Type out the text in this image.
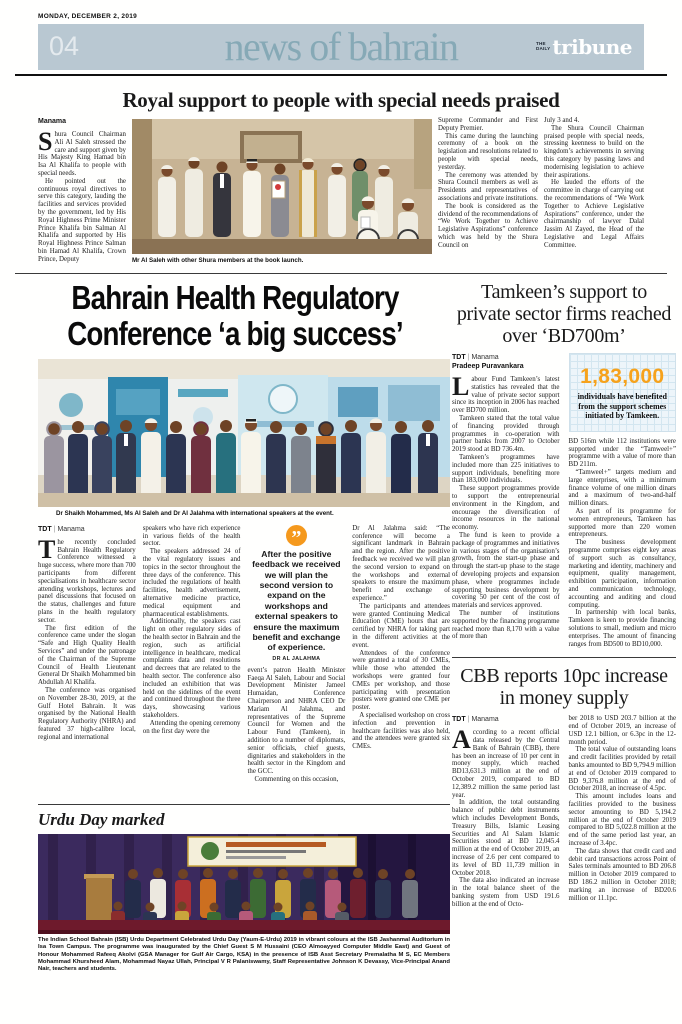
MONDAY, DECEMBER 2, 2019
04	news of bahrain	THE
DAILY tribune
Royal support to people with special needs praised
Manama
S hura Council Chairman Ali Al Saleh stressed the care and support given by His Majesty King Hamad bin Isa Al Khalifa to people with special needs.

He pointed out the continuous royal directives to serve this category, lauding the facilities and services provided by the government, led by His Royal Highness Prime Minister Prince Khalifa bin Salman Al Khalifa and supported by His Royal Highness Prince Salman bin Hamad Al Khalifa, Crown Prince, Deputy	Mr Al Saleh with other Shura members at the book launch.

Supreme Commander and First Deputy Premier.

This came during the launching ceremony of a book on the legislation and resolutions related to people with special needs, yesterday.

The ceremony was attended by Shura Council members as well as Presidents and representatives of associations and private institutions.

The book is considered as the dividend of the recommendations of “We Work Together to Achieve Legislative Aspirations” conference which was held by the Shura Council on

July 3 and 4.

The Shura Council Chairman praised people with special needs, stressing keenness to build on the kingdom’s achievements in serving this category by passing laws and modernising legislation to achieve their aspirations.

He lauded the efforts of the committee in charge of carrying out the recommendations of “We Work Together to Achieve Legislative Aspirations” conference, under the chairmanship of lawyer Dalal Jassim Al Zayed, the Head of the Legislative and Legal Affairs Committee.

Bahrain Health Regulatory
Conference ‘a big success’
Dr Shaikh Mohammed, Ms Al Saleh and Dr Al Jalahma with international speakers at the event.
TDT | Manama
T he recently concluded Bahrain Health Regulatory Conference witnessed a huge success, where more than 700 participants from different specialisations in healthcare sector attending workshops, lectures and panel discussions that focused on the status, challenges and future plans in the health regulatory sector.

The first edition of the conference came under the slogan “Safe and High Quality Health Services” and under the patronage of the Chairman of the Supreme Council of Health Lieutenant General Dr Shaikh Mohammed bin Abdullah Al Khalifa.

The conference was organised on November 28-30, 2019, at the Gulf Hotel Bahrain. It was organised by the National Health Regulatory Authority (NHRA) and featured 37 high-calibre local, regional and international

speakers who have rich experience in various fields of the health sector.

The speakers addressed 24 of the vital regulatory issues and topics in the sector throughout the three days of the conference. This included the regulations of health facilities, health advertisement, alternative medicine practice, medical equipment and pharmaceutical establishments.

Additionally, the speakers cast light on other regulatory sides of the health sector in Bahrain and the region, such as artificial intelligence in healthcare, medical complaints data and resolutions and decrees that are related to the health sector. The conference also included an exhibition that was held on the sidelines of the event and continued throughout the three days, showcasing various stakeholders.

Attending the opening ceremony on the first day were the

”
After the positive feedback we received we will plan the second version to expand on the workshops and external speakers to ensure the maximum benefit and exchange of experience.
DR AL JALAHMA

event’s patron Health Minister Faeqa Al Saleh, Labour and Social Development Minister Jameel Humaidan, Conference Chairperson and NHRA CEO Dr Mariam Al Jalahma, and representatives of the Supreme Council for Women and the Labour Fund (Tamkeen), in addition to a number of diplomats, senior officials, chief guests, dignitaries and stakeholders in the health sector in the Kingdom and the GCC.

Commenting on this occasion,

Dr Al Jalahma said: “The conference will become a significant landmark in Bahrain and the region. After the positive feedback we received we will plan the second version to expand on the workshops and external speakers to ensure the maximum benefit and exchange of experience.”

The participants and attendees were granted Continuing Medical Education (CME) hours that are certified by NHRA for taking part in the different activities at the event.

Attendees of the conference were granted a total of 30 CMEs, while those who attended the workshops were granted four CMEs per workshop, and those participating with presentation posters were granted one CME per poster.

A specialised workshop on cross infection and prevention in healthcare facilities was also held, and the attendees were granted six CMEs.

Urdu Day marked
The Indian School Bahrain (ISB) Urdu Department Celebrated Urdu Day (Yaum-E-Urdu) 2019 in vibrant colours at the ISB Jashanmal Auditorium in Isa Town Campus. The programme was inaugurated by the Chief Guest S M Hussaini (CEO Almoayyed Computer Middle East) and Guest of Honour Mohammed Rafeeq Akolvi (GSA Manager for Gulf Air Cargo, KSA) in the presence of ISB Asst Secretary Premalatha M S, EC Members Mohammad Khursheed Alam, Mohammad Nayaz Ullah, Principal V R Palaniswamy, Staff Representative Johnson K Devassy, Vice-Principal Anand Nair, teachers and students.
Tamkeen’s support to private sector firms reached over ‘BD700m’
TDT | Manama
Pradeep Puravankara
L abour Fund Tamkeen’s latest statistics has revealed that the value of private sector support since its inception in 2006 has reached over BD700 million.

Tamkeen stated that the total value of financing provided through programmes in co-operation with partner banks from 2007 to October 2019 stood at BD 736.4m.

Tamkeen’s programmes have included more than 225 initiatives to support individuals, benefiting more than 183,000 individuals.

These support programmes provide to support the entrepreneurial environment in the Kingdom, and encourage the diversification of income resources in the national economy.

The fund is keen to provide a package of programmes and initiatives in various stages of the organisation’s growth, from the start-up phase and through the start-up phase to the stage of developing projects and expansion phase, where programmes include supporting business development by covering 50 per cent of the cost of materials and services approved.

The number of institutions supported by the financing programme reached more than 8,170 with a value of more than

1,83,000
individuals have benefited from the support schemes initiated by Tamkeen.

BD 516m while 112 institutions were supported under the “Tamweel+” programme with a value of more than BD 211m.

“Tamweel+” targets medium and large enterprises, with a minimum finance volume of one million dinars and a maximum of two-and-half million dinars.

As part of its programme for women entrepreneurs, Tamkeen has supported more than 220 women entrepreneurs.

The business development programme comprises eight key areas of support such as consultancy, marketing and identity, machinery and equipment, quality management, exhibition participation, information and communication technology, accounting and auditing and cloud computing.

In partnership with local banks, Tamkeen is keen to provide financing solutions to small, medium and micro enterprises. The amount of financing ranges from BD500 to BD10,000.

CBB reports 10pc increase in money supply
TDT | Manama
A ccording to a recent official data released by the Central Bank of Bahrain (CBB), there has been an increase of 10 per cent in money supply, which reached BD13,631.3 million at the end of October 2019, compared to BD 12,389.2 million the same period last year.

In addition, the total outstanding balance of public debt instruments which includes Development Bonds, Treasury Bills, Islamic Leasing Securities and Al Salam Islamic Securities stood at BD 12,045.4 million at the end of October 2019, an increase of 2.6 per cent compared to its level of BD 11,739 million in October 2018.

The data also indicated an increase in the total balance sheet of the banking system from USD 191.6 billion at the end of Octo-

ber 2018 to USD 203.7 billion at the end of October 2019, an increase of USD 12.1 billion, or 6.3pc in the 12-month period.

The total value of outstanding loans and credit facilities provided by retail banks amounted to BD 9,794.9 million at end of October 2019 compared to BD 9,376.8 million at the end of October 2018, an increase of 4.5pc.

This amount includes loans and facilities provided to the business sector amounting to BD 5,194.2 million at the end of October 2019 compared to BD 5,022.8 million at the end of the same period last year, an increase of 3.4pc.

The data shows that credit card and debit card transactions across Point of Sales terminals amounted to BD 206.8 million in October 2019 compared to BD 186.2 million in October 2018; marking an increase of BD20.6 million or 11.1pc.
